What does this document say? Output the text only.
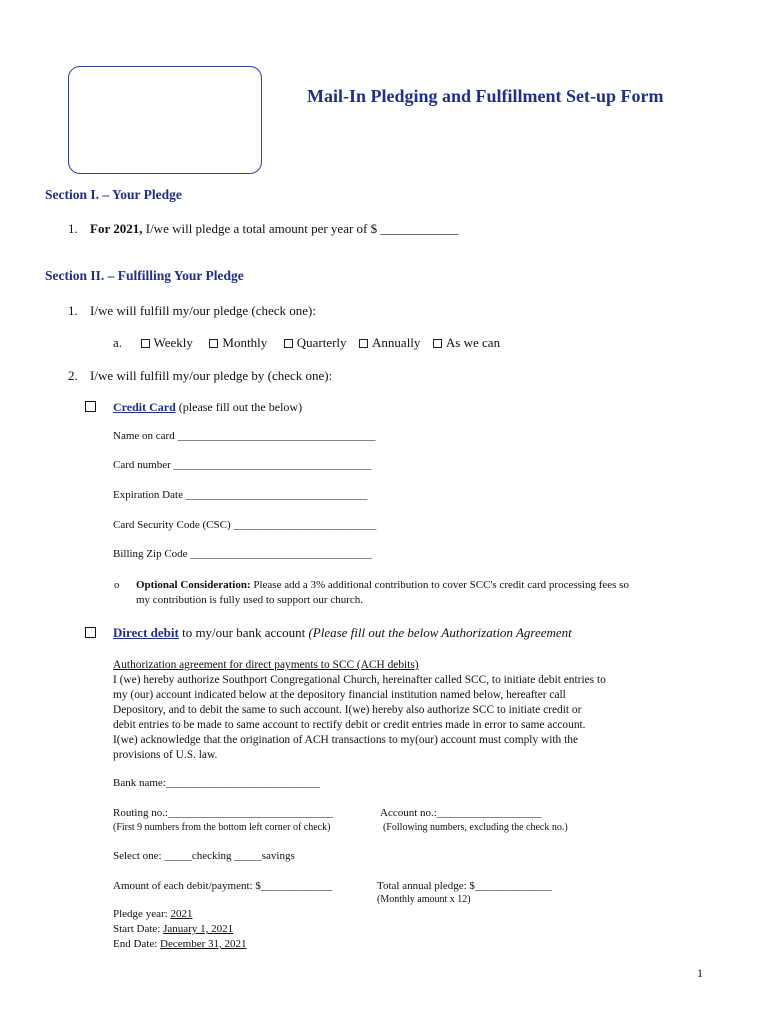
Mail-In Pledging and Fulfillment Set-up Form
Section I. – Your Pledge
1. For 2021, I/we will pledge a total amount per year of $ ____________
Section II. – Fulfilling Your Pledge
1. I/we will fulfill my/our pledge (check one):
a. Weekly Monthly Quarterly Annually As we can
2. I/we will fulfill my/our pledge by (check one):
Credit Card (please fill out the below)
Name on card ____________________________________
Card number ____________________________________
Expiration Date _________________________________
Card Security Code (CSC) __________________________
Billing Zip Code _________________________________
o Optional Consideration: Please add a 3% additional contribution to cover SCC's credit card processing fees so
my contribution is fully used to support our church.
Direct debit to my/our bank account (Please fill out the below Authorization Agreement
Authorization agreement for direct payments to SCC (ACH debits)
I (we) hereby authorize Southport Congregational Church, hereinafter called SCC, to initiate debit entries to
my (our) account indicated below at the depository financial institution named below, hereafter call
Depository, and to debit the same to such account. I(we) hereby also authorize SCC to initiate credit or
debit entries to be made to same account to rectify debit or credit entries made in error to same account.
I(we) acknowledge that the origination of ACH transactions to my(our) account must comply with the
provisions of U.S. law.
Bank name:____________________________
Routing no.:______________________________
(First 9 numbers from the bottom left corner of check)
Account no.:___________________
(Following numbers, excluding the check no.)
Select one: _____checking _____savings
Amount of each debit/payment: $_____________	Total annual pledge: $______________
(Monthly amount x 12)
Pledge year: 2021
Start Date: January 1, 2021
End Date: December 31, 2021
1
